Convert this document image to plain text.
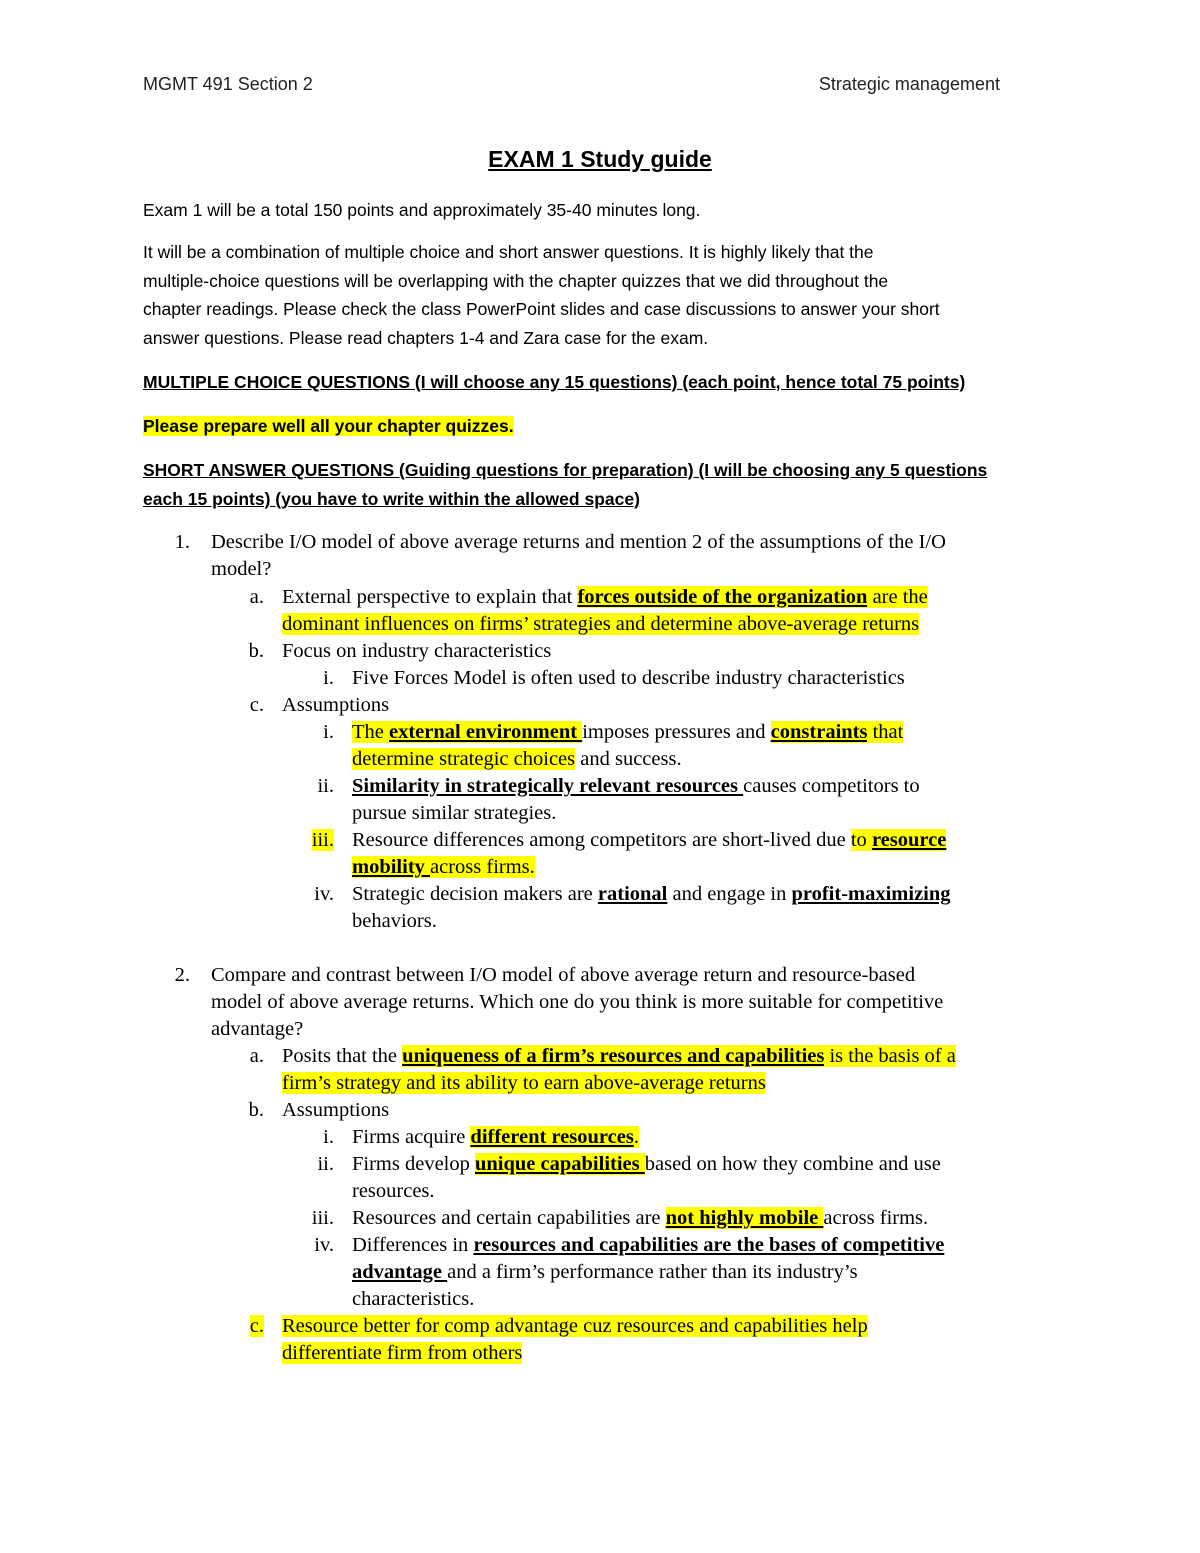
MGMT 491 Section 2	Strategic management
EXAM 1 Study guide
Exam 1 will be a total 150 points and approximately 35-40 minutes long.
It will be a combination of multiple choice and short answer questions. It is highly likely that the
multiple-choice questions will be overlapping with the chapter quizzes that we did throughout the
chapter readings. Please check the class PowerPoint slides and case discussions to answer your short
answer questions. Please read chapters 1-4 and Zara case for the exam.
MULTIPLE CHOICE QUESTIONS (I will choose any 15 questions) (each point, hence total 75 points)
Please prepare well all your chapter quizzes.
SHORT ANSWER QUESTIONS (Guiding questions for preparation) (I will be choosing any 5 questions
each 15 points) (you have to write within the allowed space)
1. Describe I/O model of above average returns and mention 2 of the assumptions of the I/O
model?
a. External perspective to explain that forces outside of the organization are the
dominant influences on firms’ strategies and determine above-average returns
b. Focus on industry characteristics
i. Five Forces Model is often used to describe industry characteristics
c. Assumptions
i. The external environment imposes pressures and constraints that
determine strategic choices and success.
ii. Similarity in strategically relevant resources causes competitors to
pursue similar strategies.
iii. Resource differences among competitors are short-lived due to resource
mobility across firms.
iv. Strategic decision makers are rational and engage in profit-maximizing
behaviors.
2. Compare and contrast between I/O model of above average return and resource-based
model of above average returns. Which one do you think is more suitable for competitive
advantage?
a. Posits that the uniqueness of a firm’s resources and capabilities is the basis of a
firm’s strategy and its ability to earn above-average returns
b. Assumptions
i. Firms acquire different resources.
ii. Firms develop unique capabilities based on how they combine and use
resources.
iii. Resources and certain capabilities are not highly mobile across firms.
iv. Differences in resources and capabilities are the bases of competitive
advantage and a firm’s performance rather than its industry’s
characteristics.
c. Resource better for comp advantage cuz resources and capabilities help
differentiate firm from others
